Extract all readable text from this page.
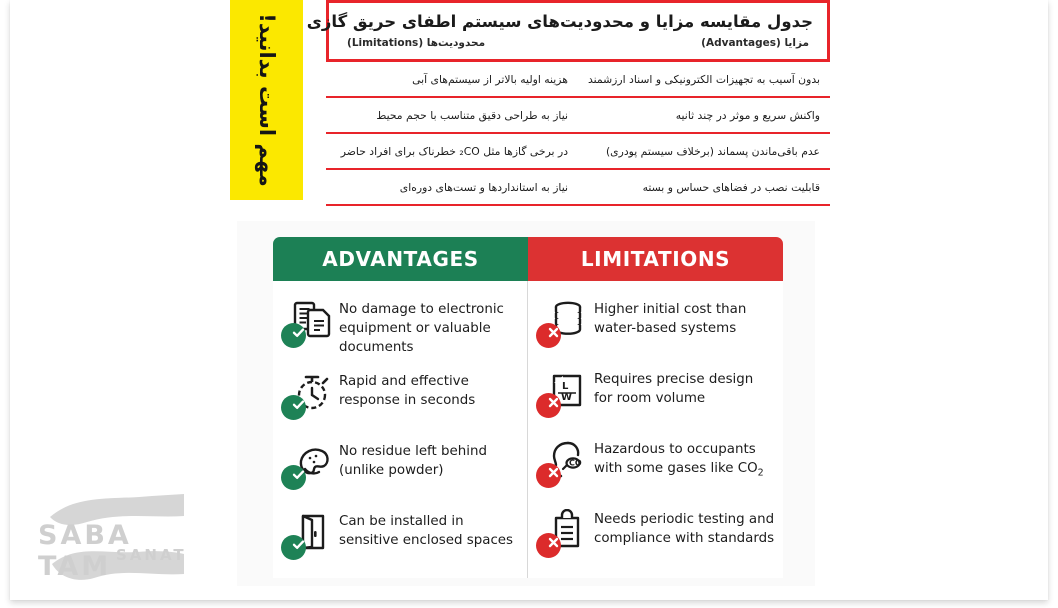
مهم است بدانید! جدول مقایسه مزایا و محدودیت‌های سیستم اطفای حریق گازی
مزایا (Advantages)
محدودیت‌ها (Limitations)
بدون آسیب به تجهیزات الکترونیکی و اسناد ارزشمند
هزینه اولیه بالاتر از سیستم‌های آبی
واکنش سریع و موثر در چند ثانیه
نیاز به طراحی دقیق متناسب با حجم محیط
عدم باقی‌ماندن پسماند (برخلاف سیستم پودری)
در برخی گازها مثل ₂CO خطرناک برای افراد حاضر
قابلیت نصب در فضاهای حساس و بسته
نیاز به استانداردها و تست‌های دوره‌ای
ADVANTAGES	LIMITATIONS
No damage to electronic equipment or valuable documents
Rapid and effective response in seconds
No residue left behind (unlike powder)
Can be installed in sensitive enclosed spaces
Higher initial cost than water-based systems
L
W
Requires precise design for room volume
CO
Hazardous to occupants with some gases like $CO_2$
Needs periodic testing and compliance with standards
SABA TAM SANAT
